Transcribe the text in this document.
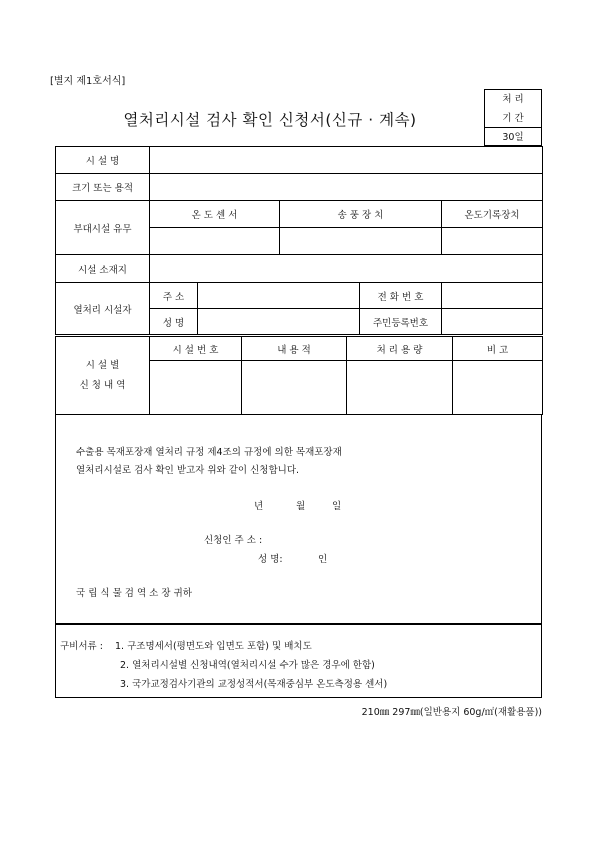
[별지 제1호서식]
열처리시설 검사 확인 신청서(신규 · 계속)
처 리
기 간
30일
시 설 명					
크기 또는 용적					
부대시설 유무	온 도 센 서		송 풍 장 치		온도기록장치

시설 소재지					
열처리 시설자	주 소			전 화 번 호	
	성 명			주민등록번호	
시 설 별
신 청 내 역	시 설 번 호	내 용 적	처 리 용 량	비 고

수출용 목재포장재 열처리 규정 제4조의 규정에 의한 목재포장재
열처리시설로 검사 확인 받고자 위와 같이 신청합니다.
년	월	일
신청인 주 소 :
성 명:	인
국 립 식 물 검 역 소 장 귀하
구비서류 : 1. 구조명세서(평면도와 입면도 포함) 및 배치도
2. 열처리시설별 신청내역(열처리시설 수가 많은 경우에 한함)
3. 국가교정검사기관의 교정성적서(목재중심부 온도측정용 센서)
210㎜ 297㎜(일반용지 60g/㎡(재활용품))
